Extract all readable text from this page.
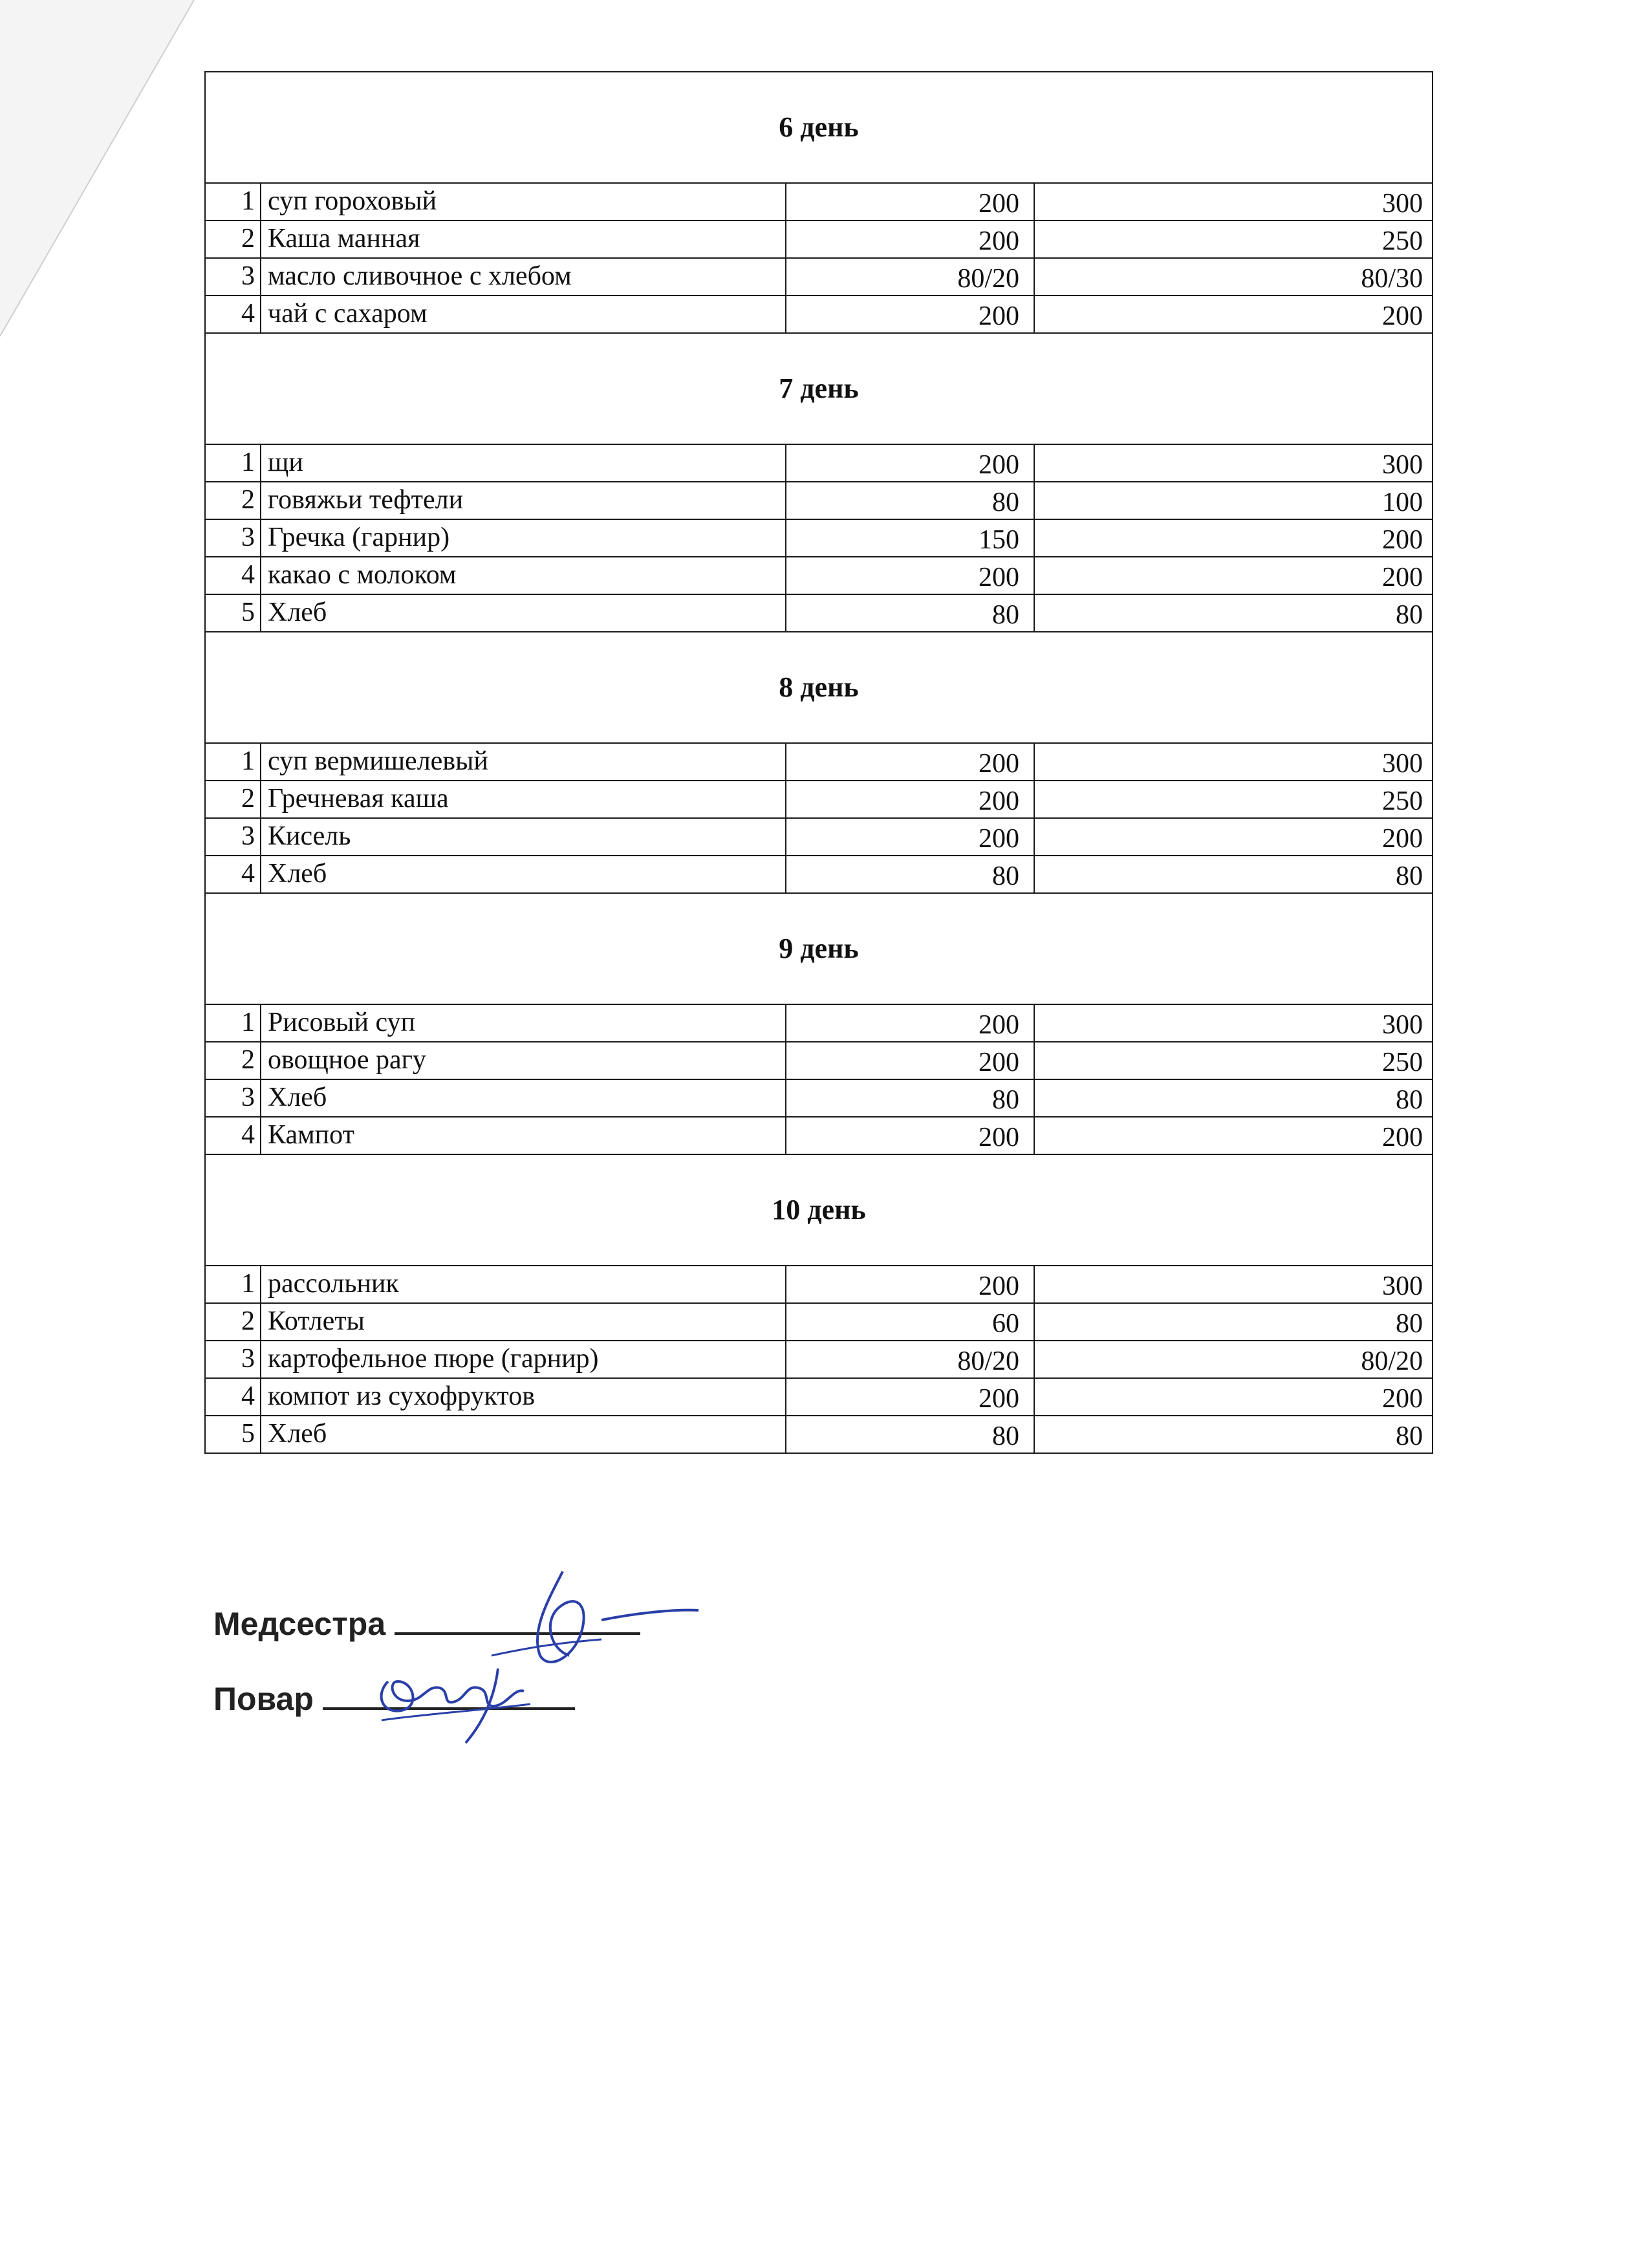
6 день			
1	суп гороховый	200	300
2	Каша манная	200	250
3	масло сливочное с хлебом	80/20	80/30
4	чай с сахаром	200	200
7 день			
1	щи	200	300
2	говяжьи тефтели	80	100
3	Гречка (гарнир)	150	200
4	какао с молоком	200	200
5	Хлеб	80	80
8 день			
1	суп вермишелевый	200	300
2	Гречневая каша	200	250
3	Кисель	200	200
4	Хлеб	80	80
9 день			
1	Рисовый суп	200	300
2	овощное рагу	200	250
3	Хлеб	80	80
4	Кампот	200	200
10 день			
1	рассольник	200	300
2	Котлеты	60	80
3	картофельное пюре (гарнир)	80/20	80/20
4	компот из сухофруктов	200	200
5	Хлеб	80	80
Медсестра
Повар
